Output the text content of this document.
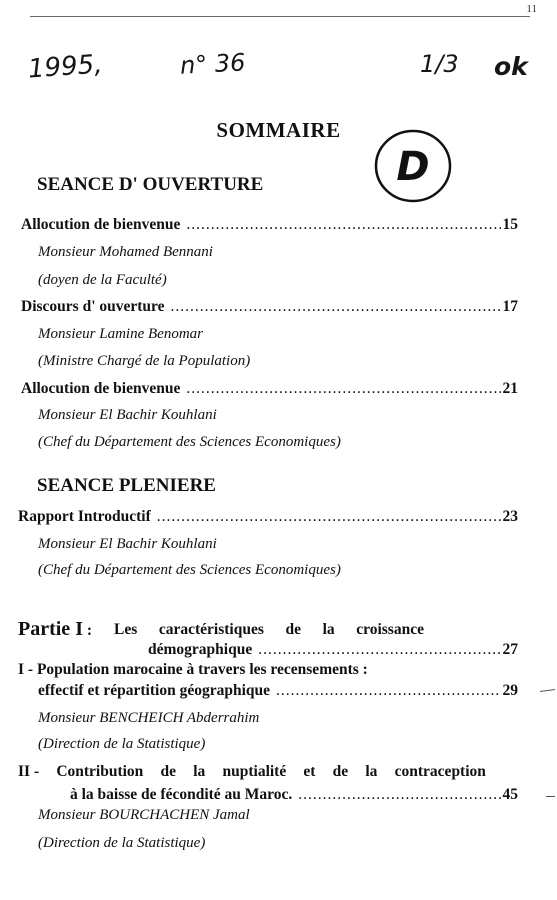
11
1995,	n° 36	1/3 ok
SOMMAIRE
D
SEANCE D' OUVERTURE
Allocution de bienvenue .....	15
Monsieur Mohamed Bennani
(doyen de la Faculté)
Discours d' ouverture .....	17
Monsieur Lamine Benomar
(Ministre Chargé de la Population)
Allocution de bienvenue .....	21
Monsieur El Bachir Kouhlani
(Chef du Département des Sciences Economiques)
SEANCE PLENIERE
Rapport Introductif .....	23
Monsieur El Bachir Kouhlani
(Chef du Département des Sciences Economiques)
Partie I : Les caractéristiques de la croissance
démographique .....	27
I - Population marocaine à travers les recensements :
effectif et répartition géographique .....	29
Monsieur BENCHEICH Abderrahim
(Direction de la Statistique)
II - Contribution de la nuptialité et de la contraception
à la baisse de fécondité au Maroc. .....	45
Monsieur BOURCHACHEN Jamal
(Direction de la Statistique)
